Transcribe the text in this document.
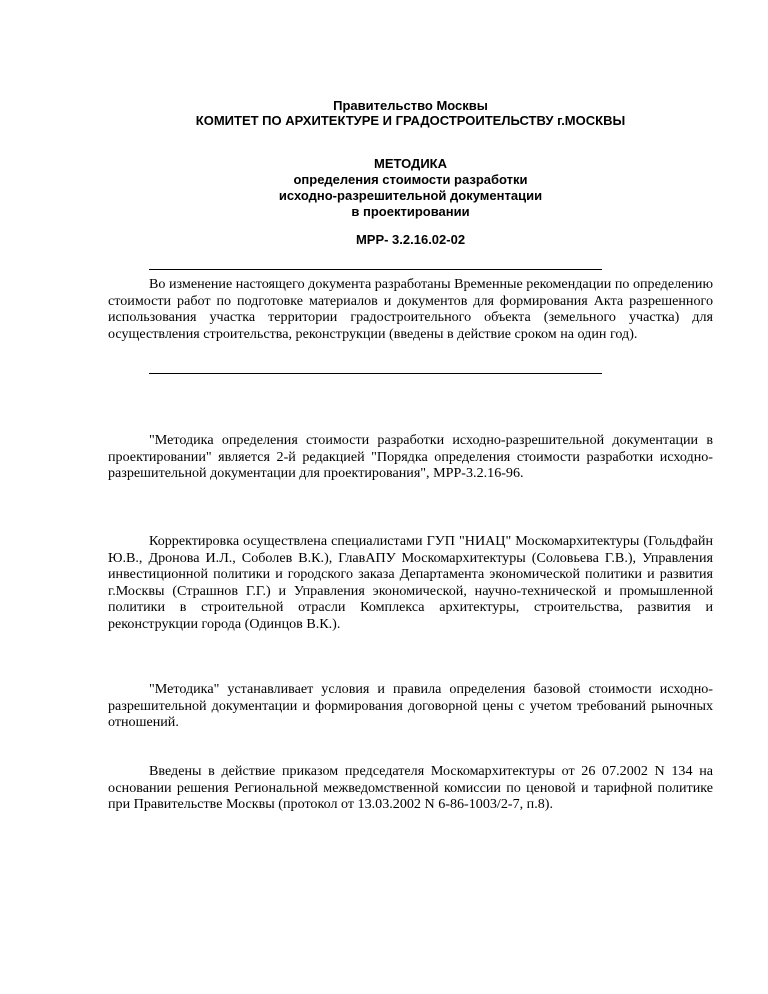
Правительство Москвы
КОМИТЕТ ПО АРХИТЕКТУРЕ И ГРАДОСТРОИТЕЛЬСТВУ г.МОСКВЫ
МЕТОДИКА
определения стоимости разработки
исходно-разрешительной документации
в проектировании
МРР- 3.2.16.02-02

Во изменение настоящего документа разработаны Временные рекомендации по определению стоимости работ по подготовке материалов и документов для формирования Акта разрешенного использования участка территории градостроительного объекта (земельного участка) для осуществления строительства, реконструкции (введены в действие сроком на один год).

"Методика определения стоимости разработки исходно-разрешительной документации в проектировании" является 2-й редакцией "Порядка определения стоимости разработки исходно-разрешительной документации для проектирования", МРР-3.2.16-96.

Корректировка осуществлена специалистами ГУП "НИАЦ" Москомархитектуры (Гольдфайн Ю.В., Дронова И.Л., Соболев В.К.), ГлавАПУ Москомархитектуры (Соловьева Г.В.), Управления инвестиционной политики и городского заказа Департамента экономической политики и развития г.Москвы (Страшнов Г.Г.) и Управления экономической, научно-технической и промышленной политики в строительной отрасли Комплекса архитектуры, строительства, развития и реконструкции города (Одинцов В.К.).

"Методика" устанавливает условия и правила определения базовой стоимости исходно-разрешительной документации и формирования договорной цены с учетом требований рыночных отношений.

Введены в действие приказом председателя Москомархитектуры от 26 07.2002 N 134 на основании решения Региональной межведомственной комиссии по ценовой и тарифной политике при Правительстве Москвы (протокол от 13.03.2002 N 6-86-1003/2-7, п.8).
